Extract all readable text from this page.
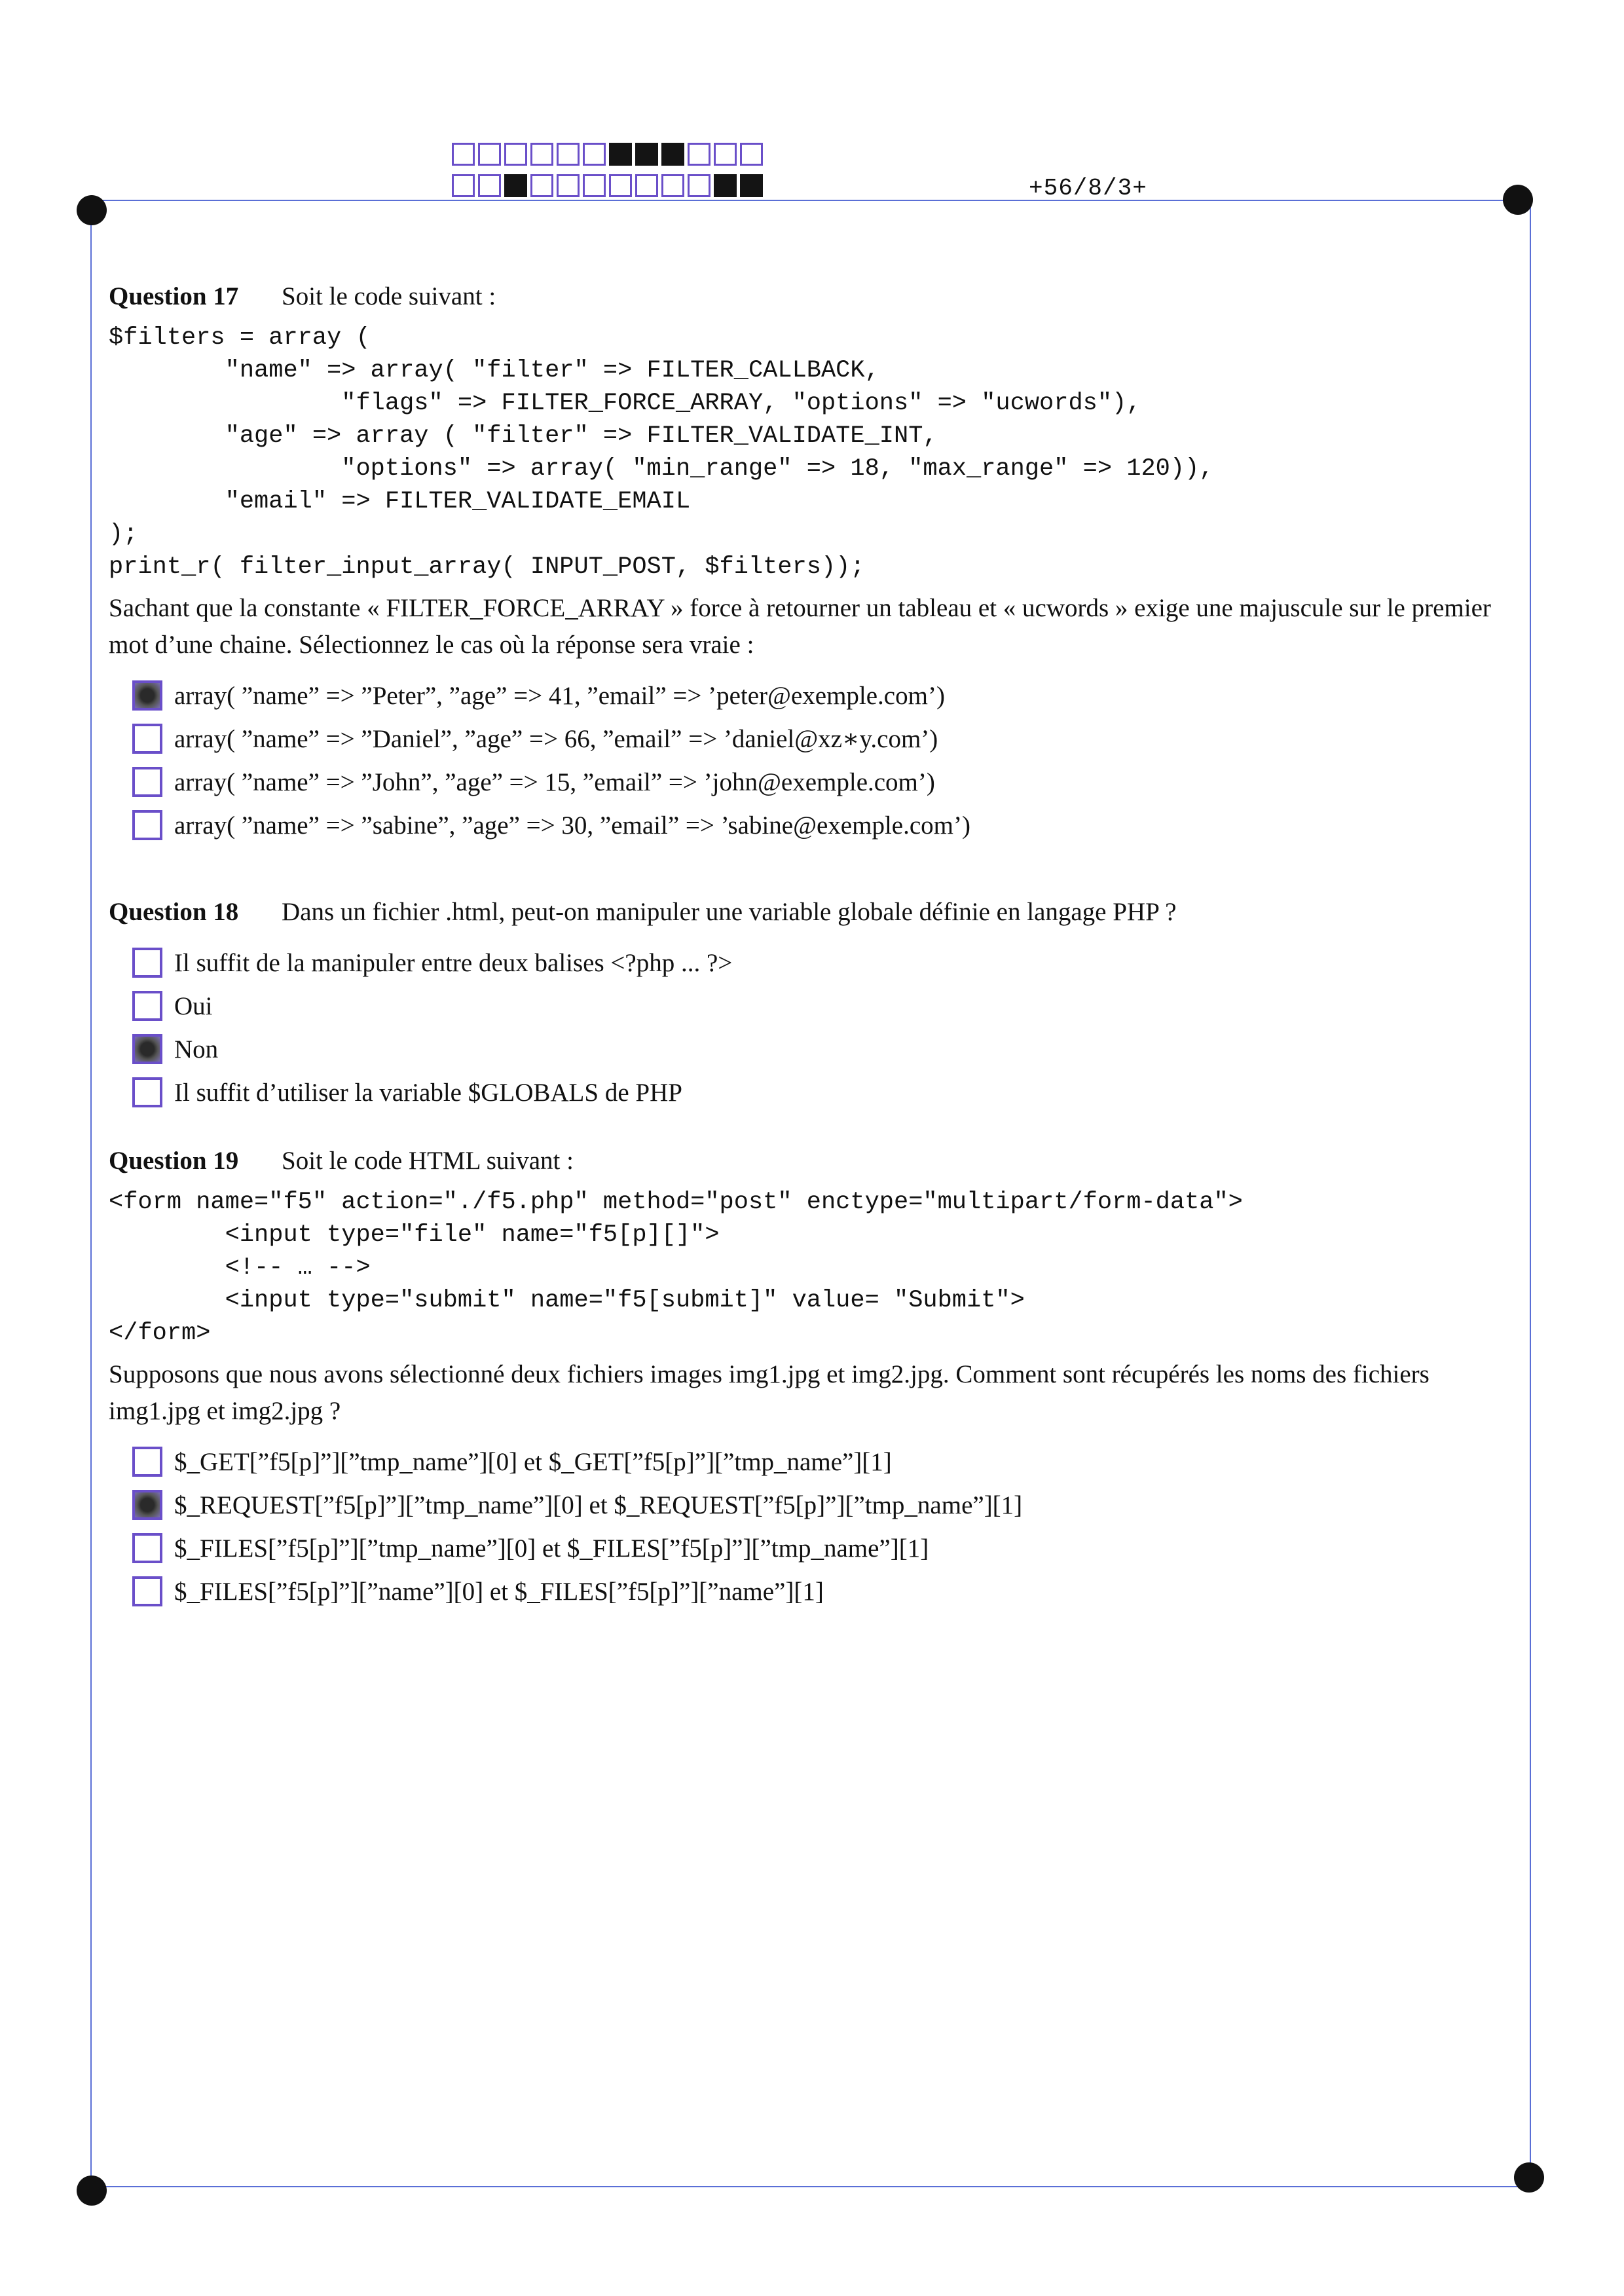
+56/8/3+
Question 17 Soit le code suivant :
$filters = array (
"name" => array( "filter" => FILTER_CALLBACK,
"flags" => FILTER_FORCE_ARRAY, "options" => "ucwords"),
"age" => array ( "filter" => FILTER_VALIDATE_INT,
"options" => array( "min_range" => 18, "max_range" => 120)),
"email" => FILTER_VALIDATE_EMAIL
);
print_r( filter_input_array( INPUT_POST, $filters));
Sachant que la constante « FILTER_FORCE_ARRAY » force à retourner un tableau et « ucwords » exige une majuscule sur le premier mot d’une chaine. Sélectionnez le cas où la réponse sera vraie :
array( ”name” => ”Peter”, ”age” => 41, ”email” => ’peter@exemple.com’)
array( ”name” => ”Daniel”, ”age” => 66, ”email” => ’daniel@xz∗y.com’)
array( ”name” => ”John”, ”age” => 15, ”email” => ’john@exemple.com’)
array( ”name” => ”sabine”, ”age” => 30, ”email” => ’sabine@exemple.com’)
Question 18 Dans un fichier .html, peut-on manipuler une variable globale définie en langage PHP ?
Il suffit de la manipuler entre deux balises <?php ... ?>
Oui
Non
Il suffit d’utiliser la variable $GLOBALS de PHP
Question 19 Soit le code HTML suivant :
<form name="f5" action="./f5.php" method="post" enctype="multipart/form-data">
<input type="file" name="f5[p][]">
<!-- … -->
<input type="submit" name="f5[submit]" value= "Submit">
</form>
Supposons que nous avons sélectionné deux fichiers images img1.jpg et img2.jpg. Comment sont récupérés les noms des fichiers img1.jpg et img2.jpg ?
$_GET[”f5[p]”][”tmp_name”][0] et $_GET[”f5[p]”][”tmp_name”][1]
$_REQUEST[”f5[p]”][”tmp_name”][0] et $_REQUEST[”f5[p]”][”tmp_name”][1]
$_FILES[”f5[p]”][”tmp_name”][0] et $_FILES[”f5[p]”][”tmp_name”][1]
$_FILES[”f5[p]”][”name”][0] et $_FILES[”f5[p]”][”name”][1]
